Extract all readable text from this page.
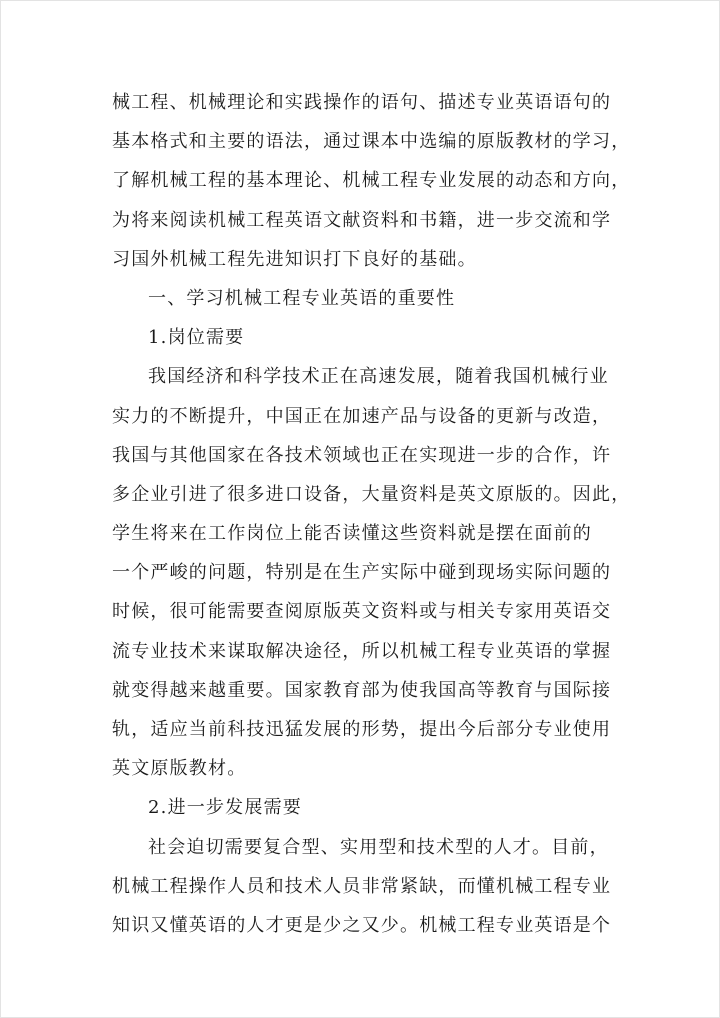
械工程、机械理论和实践操作的语句、描述专业英语语句的
基本格式和主要的语法，通过课本中选编的原版教材的学习，
了解机械工程的基本理论、机械工程专业发展的动态和方向，
为将来阅读机械工程英语文献资料和书籍，进一步交流和学
习国外机械工程先进知识打下良好的基础。
一、学习机械工程专业英语的重要性
1.岗位需要
我国经济和科学技术正在高速发展，随着我国机械行业
实力的不断提升，中国正在加速产品与设备的更新与改造，
我国与其他国家在各技术领域也正在实现进一步的合作，许
多企业引进了很多进口设备，大量资料是英文原版的。因此，
学生将来在工作岗位上能否读懂这些资料就是摆在面前的
一个严峻的问题，特别是在生产实际中碰到现场实际问题的
时候，很可能需要查阅原版英文资料或与相关专家用英语交
流专业技术来谋取解决途径，所以机械工程专业英语的掌握
就变得越来越重要。国家教育部为使我国高等教育与国际接
轨，适应当前科技迅猛发展的形势，提出今后部分专业使用
英文原版教材。
2.进一步发展需要
社会迫切需要复合型、实用型和技术型的人才。目前，
机械工程操作人员和技术人员非常紧缺，而懂机械工程专业
知识又懂英语的人才更是少之又少。机械工程专业英语是个
